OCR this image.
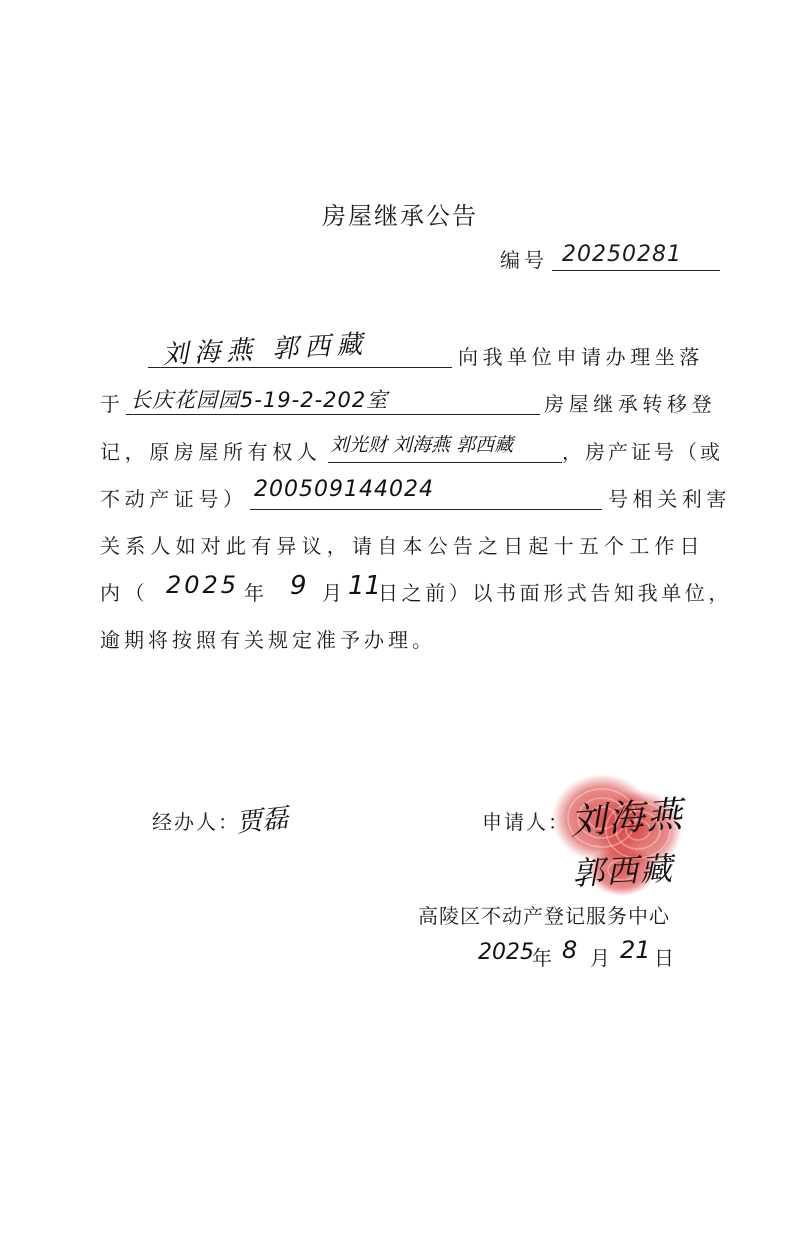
房屋继承公告
编号 20250281
刘海燕 郭西藏	向我单位申请办理坐落
于 长庆花园园5-19-2-202室	房屋继承转移登
记，原房屋所有权人 刘光财 刘海燕 郭西藏 ，房产证号（或
不动产证号） 200509144024	号相关利害
关系人如对此有异议，请自本公告之日起十五个工作日
内（ 2025 年 9 月 11
日之前）以书面形式告知我单位，
逾期将按照有关规定准予办理。
经办人：
贾磊	申请人：
刘海燕
郭西藏
高陵区不动产登记服务中心
2025
年 8 月 21 日
